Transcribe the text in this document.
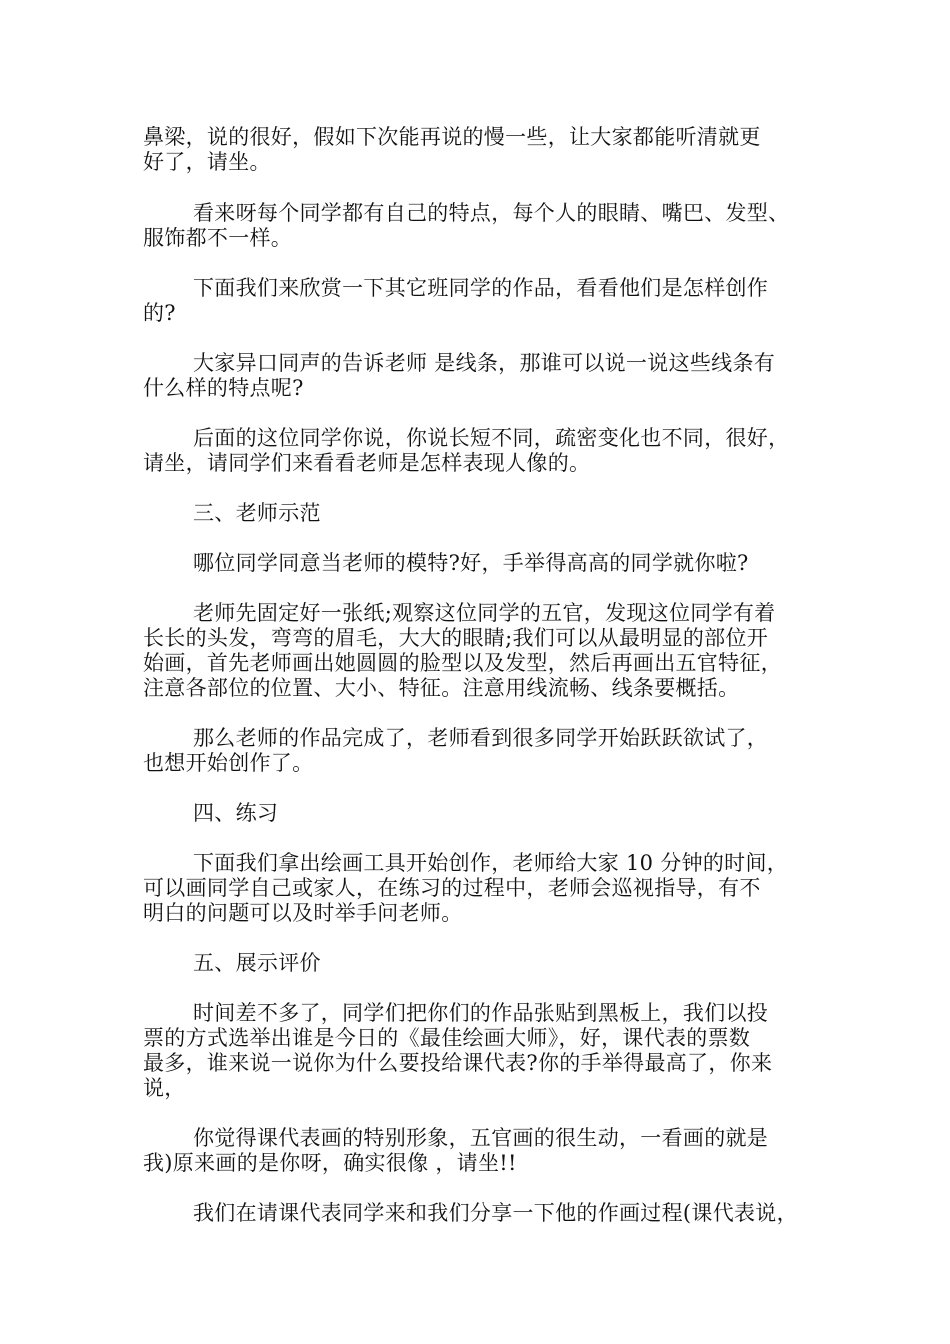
鼻梁，说的很好，假如下次能再说的慢一些，让大家都能听清就更
好了，请坐。
看来呀每个同学都有自己的特点，每个人的眼睛、嘴巴、发型、
服饰都不一样。
下面我们来欣赏一下其它班同学的作品，看看他们是怎样创作
的?
大家异口同声的告诉老师 是线条，那谁可以说一说这些线条有
什么样的特点呢?
后面的这位同学你说，你说长短不同，疏密变化也不同，很好，
请坐，请同学们来看看老师是怎样表现人像的。
三、老师示范
哪位同学同意当老师的模特?好，手举得高高的同学就你啦?
老师先固定好一张纸;观察这位同学的五官，发现这位同学有着
长长的头发，弯弯的眉毛，大大的眼睛;我们可以从最明显的部位开
始画，首先老师画出她圆圆的脸型以及发型，然后再画出五官特征，
注意各部位的位置、大小、特征。注意用线流畅、线条要概括。
那么老师的作品完成了，老师看到很多同学开始跃跃欲试了，
也想开始创作了。
四、练习
下面我们拿出绘画工具开始创作，老师给大家 10 分钟的时间，
可以画同学自己或家人，在练习的过程中，老师会巡视指导，有不
明白的问题可以及时举手问老师。
五、展示评价
时间差不多了，同学们把你们的作品张贴到黑板上，我们以投
票的方式选举出谁是今日的《最佳绘画大师》，好，课代表的票数
最多，谁来说一说你为什么要投给课代表?你的手举得最高了，你来
说，
你觉得课代表画的特别形象，五官画的很生动，一看画的就是
我)原来画的是你呀，确实很像 ，请坐!!
我们在请课代表同学来和我们分享一下他的作画过程(课代表说，
